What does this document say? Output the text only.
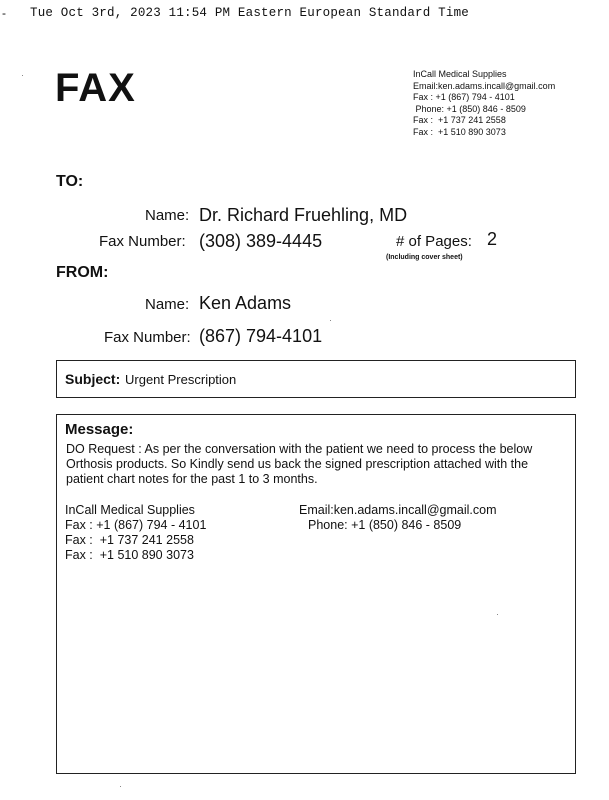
- Tue Oct 3rd, 2023 11:54 PM Eastern European Standard Time
FAX	InCall Medical Supplies
Email:ken.adams.incall@gmail.com
Fax : +1 (867) 794 - 4101
Phone: +1 (850) 846 - 8509
Fax :  +1 737 241 2558
Fax :  +1 510 890 3073
TO:
Name: Dr. Richard Fruehling, MD
Fax Number: (308) 389-4445	# of Pages: 2
(Including cover sheet)
FROM:
Name: Ken Adams
Fax Number: (867) 794-4101
Subject: Urgent Prescription
Message:
DO Request : As per the conversation with the patient we need to process the below Orthosis products. So Kindly send us back the signed prescription attached with the patient chart notes for the past 1 to 3 months.
InCall Medical Supplies
Fax : +1 (867) 794 - 4101
Fax :  +1 737 241 2558
Fax :  +1 510 890 3073
Email:ken.adams.incall@gmail.com
Phone: +1 (850) 846 - 8509
